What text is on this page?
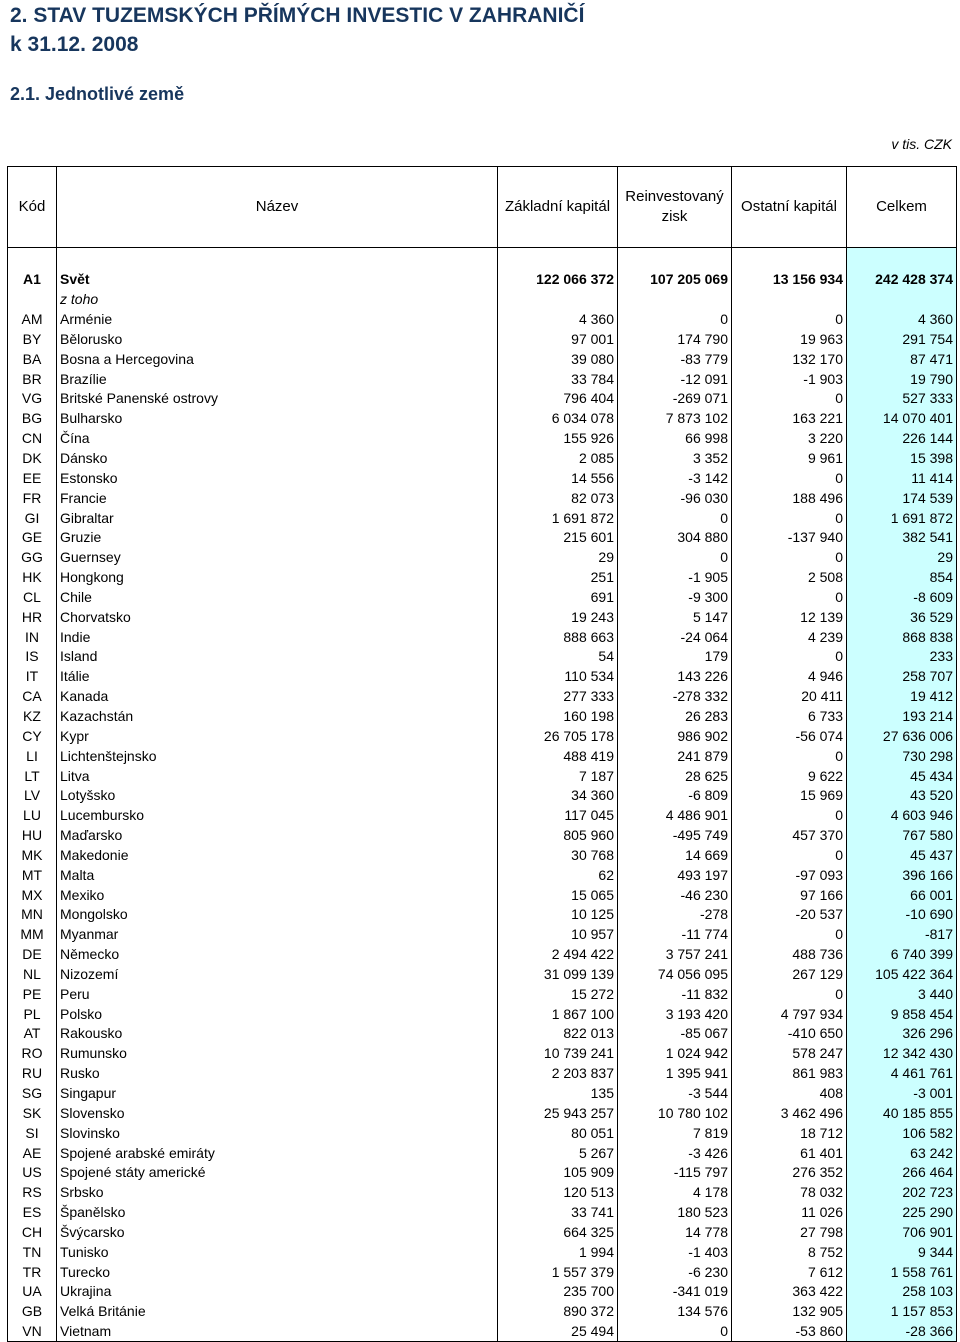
2. STAV TUZEMSKÝCH PŘÍMÝCH INVESTIC V ZAHRANIČÍ
k 31.12. 2008
2.1. Jednotlivé země
v tis. CZK
Kód	Název	Základní kapitál	Reinvestovaný zisk	Ostatní kapitál	Celkem

A1	Svět	122 066 372	107 205 069	13 156 934	242 428 374
	z toho				
AM	Arménie	4 360	0	0	4 360
BY	Bělorusko	97 001	174 790	19 963	291 754
BA	Bosna a Hercegovina	39 080	-83 779	132 170	87 471
BR	Brazílie	33 784	-12 091	-1 903	19 790
VG	Britské Panenské ostrovy	796 404	-269 071	0	527 333
BG	Bulharsko	6 034 078	7 873 102	163 221	14 070 401
CN	Čína	155 926	66 998	3 220	226 144
DK	Dánsko	2 085	3 352	9 961	15 398
EE	Estonsko	14 556	-3 142	0	11 414
FR	Francie	82 073	-96 030	188 496	174 539
GI	Gibraltar	1 691 872	0	0	1 691 872
GE	Gruzie	215 601	304 880	-137 940	382 541
GG	Guernsey	29	0	0	29
HK	Hongkong	251	-1 905	2 508	854
CL	Chile	691	-9 300	0	-8 609
HR	Chorvatsko	19 243	5 147	12 139	36 529
IN	Indie	888 663	-24 064	4 239	868 838
IS	Island	54	179	0	233
IT	Itálie	110 534	143 226	4 946	258 707
CA	Kanada	277 333	-278 332	20 411	19 412
KZ	Kazachstán	160 198	26 283	6 733	193 214
CY	Kypr	26 705 178	986 902	-56 074	27 636 006
LI	Lichtenštejnsko	488 419	241 879	0	730 298
LT	Litva	7 187	28 625	9 622	45 434
LV	Lotyšsko	34 360	-6 809	15 969	43 520
LU	Lucembursko	117 045	4 486 901	0	4 603 946
HU	Maďarsko	805 960	-495 749	457 370	767 580
MK	Makedonie	30 768	14 669	0	45 437
MT	Malta	62	493 197	-97 093	396 166
MX	Mexiko	15 065	-46 230	97 166	66 001
MN	Mongolsko	10 125	-278	-20 537	-10 690
MM	Myanmar	10 957	-11 774	0	-817
DE	Německo	2 494 422	3 757 241	488 736	6 740 399
NL	Nizozemí	31 099 139	74 056 095	267 129	105 422 364
PE	Peru	15 272	-11 832	0	3 440
PL	Polsko	1 867 100	3 193 420	4 797 934	9 858 454
AT	Rakousko	822 013	-85 067	-410 650	326 296
RO	Rumunsko	10 739 241	1 024 942	578 247	12 342 430
RU	Rusko	2 203 837	1 395 941	861 983	4 461 761
SG	Singapur	135	-3 544	408	-3 001
SK	Slovensko	25 943 257	10 780 102	3 462 496	40 185 855
SI	Slovinsko	80 051	7 819	18 712	106 582
AE	Spojené arabské emiráty	5 267	-3 426	61 401	63 242
US	Spojené státy americké	105 909	-115 797	276 352	266 464
RS	Srbsko	120 513	4 178	78 032	202 723
ES	Španělsko	33 741	180 523	11 026	225 290
CH	Švýcarsko	664 325	14 778	27 798	706 901
TN	Tunisko	1 994	-1 403	8 752	9 344
TR	Turecko	1 557 379	-6 230	7 612	1 558 761
UA	Ukrajina	235 700	-341 019	363 422	258 103
GB	Velká Británie	890 372	134 576	132 905	1 157 853
VN	Vietnam	25 494	0	-53 860	-28 366
